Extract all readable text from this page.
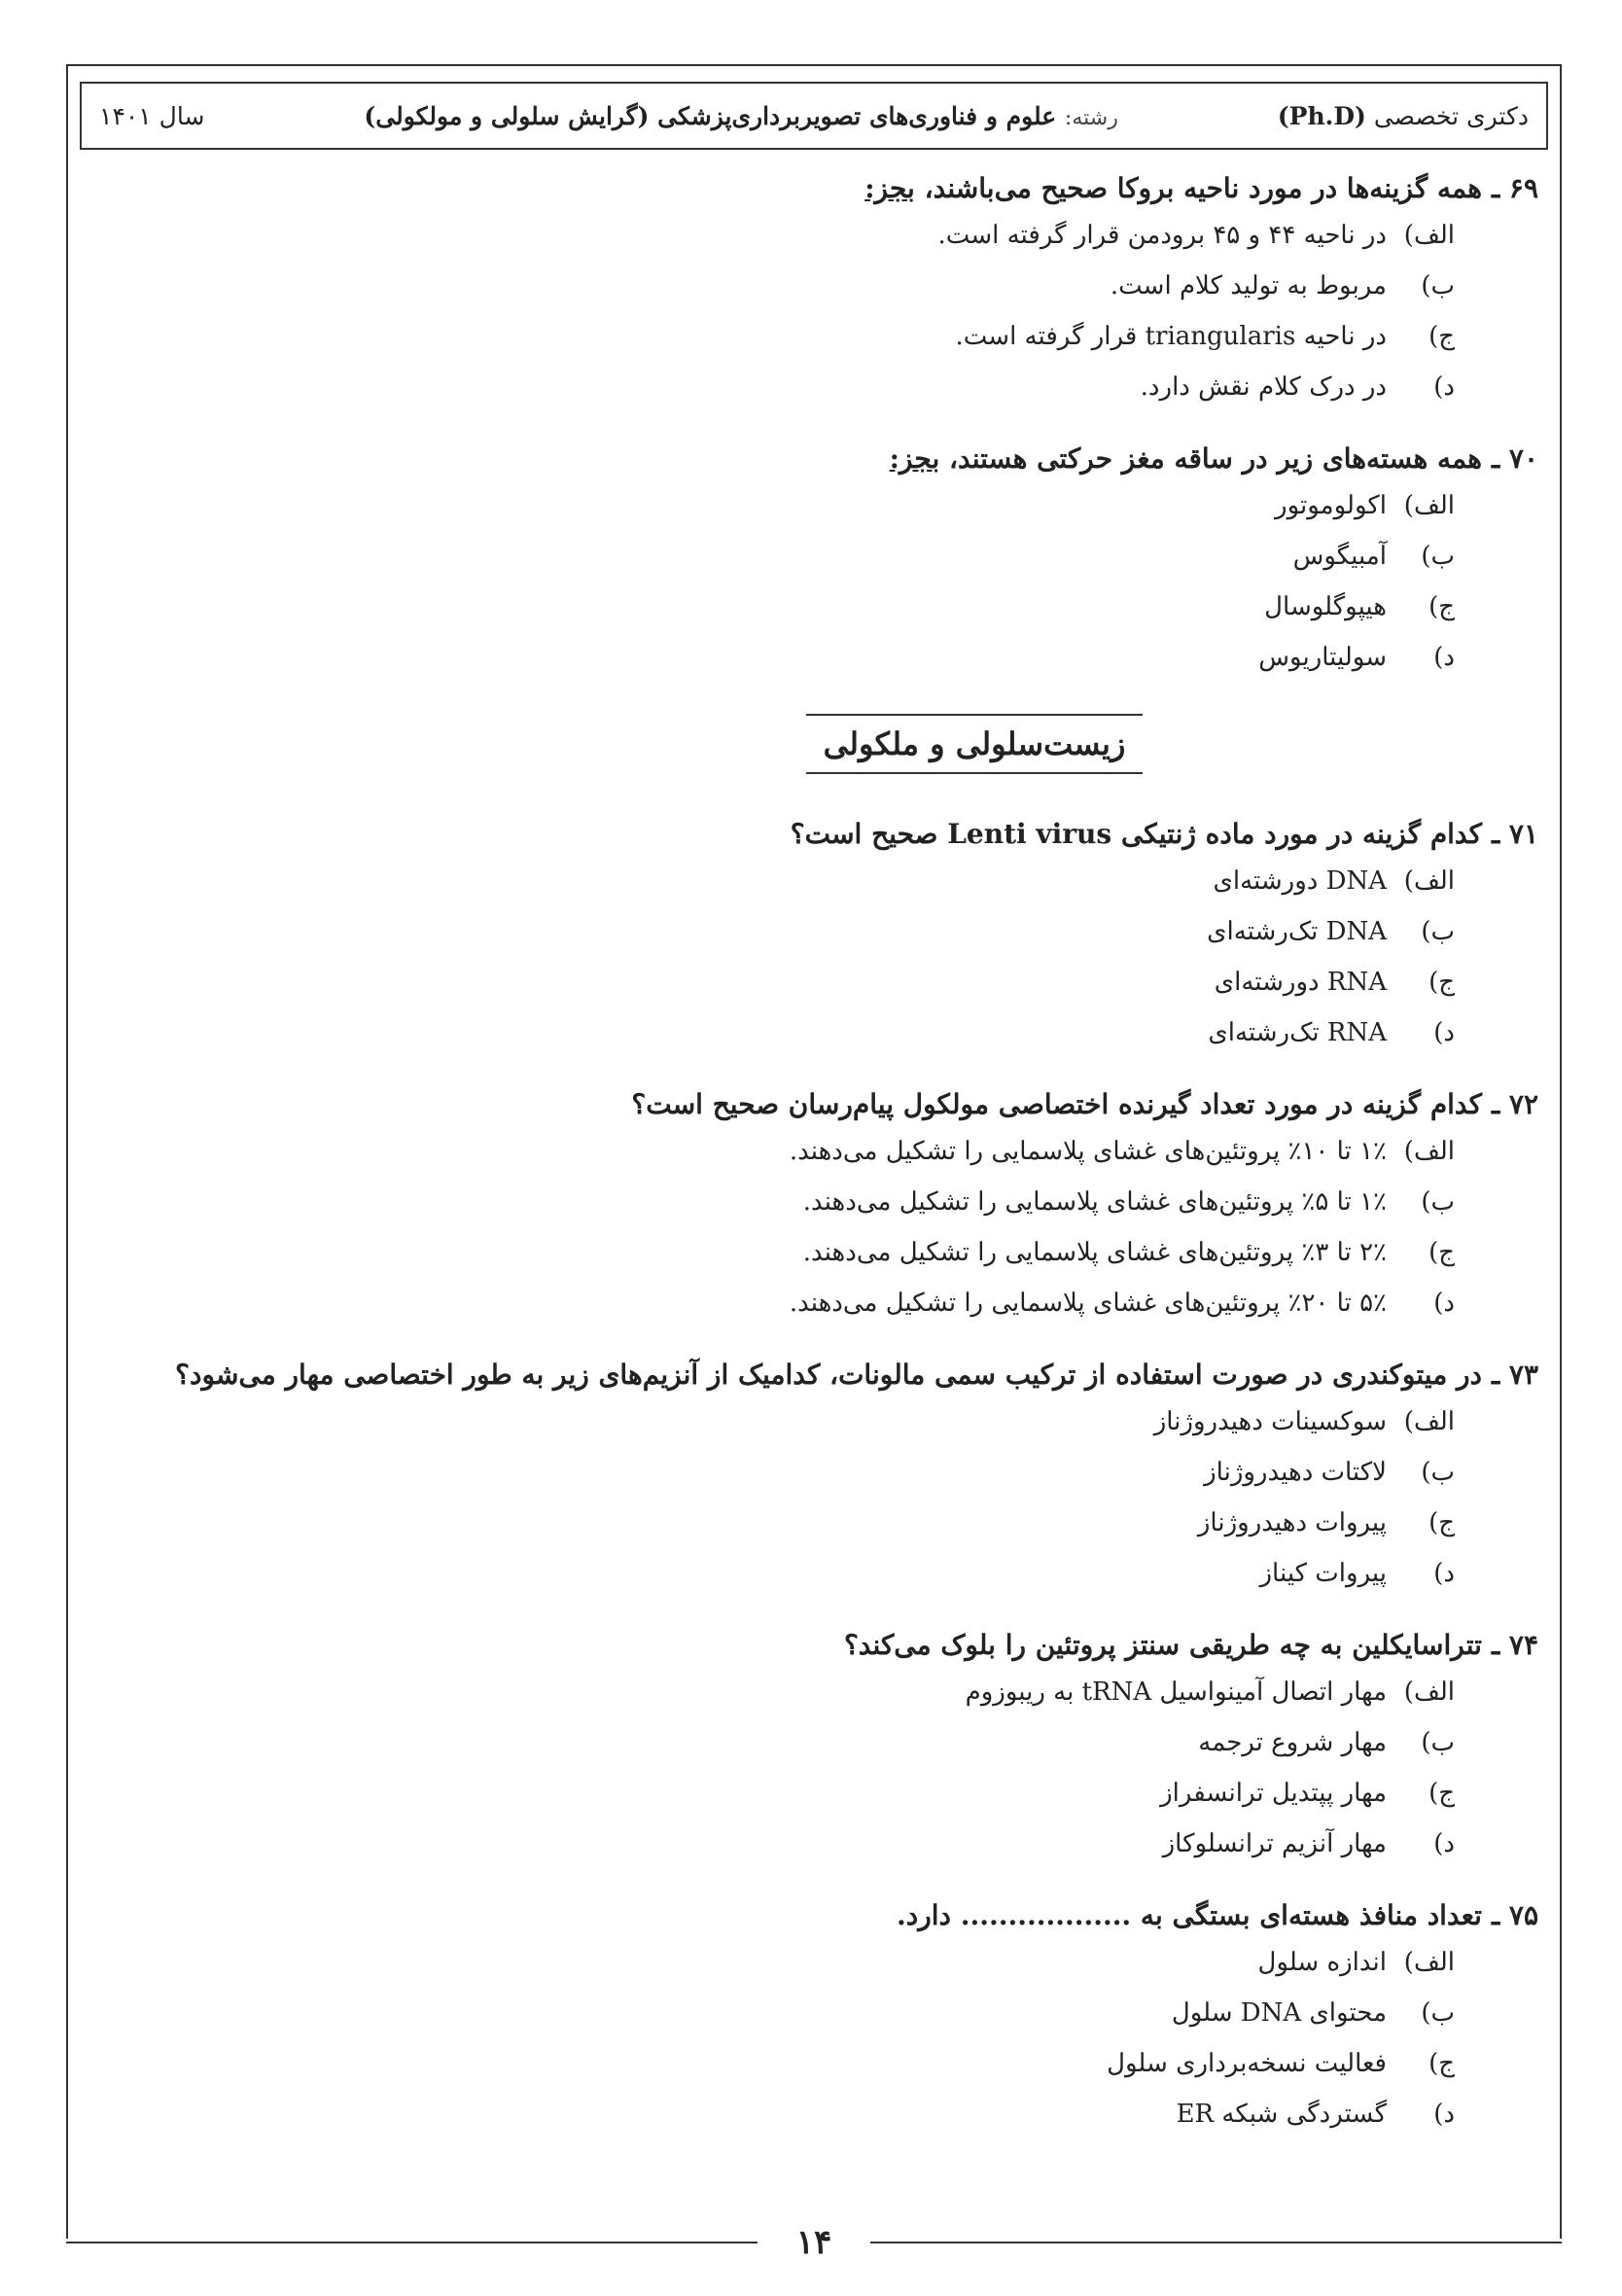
دکتری تخصصی (Ph.D)
رشته: علوم و فناوری‌های تصویربرداری‌پزشکی (گرایش سلولی و مولکولی)
سال ۱۴۰۱
۶۹ ـ
همه گزینه‌ها در مورد ناحیه بروکا صحیح می‌باشند، بجز:
الف)
در ناحیه ۴۴ و ۴۵ برودمن قرار گرفته است.
ب)
مربوط به تولید کلام است.
ج)
در ناحیه triangularis قرار گرفته است.
د)
در درک کلام نقش دارد.
۷۰ ـ
همه هسته‌های زیر در ساقه مغز حرکتی هستند، بجز:
الف)
اکولوموتور
ب)
آمبیگوس
ج)
هیپوگلوسال
د)
سولیتاریوس
زیست‌سلولی و ملکولی
۷۱ ـ
کدام گزینه در مورد ماده ژنتیکی Lenti virus صحیح است؟
الف)
DNA دورشته‌ای
ب)
DNA تک‌رشته‌ای
ج)
RNA دورشته‌ای
د)
RNA تک‌رشته‌ای
۷۲ ـ
کدام گزینه در مورد تعداد گیرنده اختصاصی مولکول پیام‌رسان صحیح است؟
الف)
۱٪ تا ۱۰٪ پروتئین‌های غشای پلاسمایی را تشکیل می‌دهند.
ب)
۱٪ تا ۵٪ پروتئین‌های غشای پلاسمایی را تشکیل می‌دهند.
ج)
۲٪ تا ۳٪ پروتئین‌های غشای پلاسمایی را تشکیل می‌دهند.
د)
۵٪ تا ۲۰٪ پروتئین‌های غشای پلاسمایی را تشکیل می‌دهند.
۷۳ ـ
در میتوکندری در صورت استفاده از ترکیب سمی مالونات، کدامیک از آنزیم‌های زیر به طور اختصاصی مهار می‌شود؟
الف)
سوکسینات دهیدروژناز
ب)
لاکتات دهیدروژناز
ج)
پیروات دهیدروژناز
د)
پیروات کیناز
۷۴ ـ
تتراسایکلین به چه طریقی سنتز پروتئین را بلوک می‌کند؟
الف)
مهار اتصال آمینواسیل tRNA به ریبوزوم
ب)
مهار شروع ترجمه
ج)
مهار پپتدیل ترانسفراز
د)
مهار آنزیم ترانسلوکاز
۷۵ ـ
تعداد منافذ هسته‌ای بستگی به .................. دارد.
الف)
اندازه سلول
ب)
محتوای DNA سلول
ج)
فعالیت نسخه‌برداری سلول
د)
گستردگی شبکه ER
۱۴
